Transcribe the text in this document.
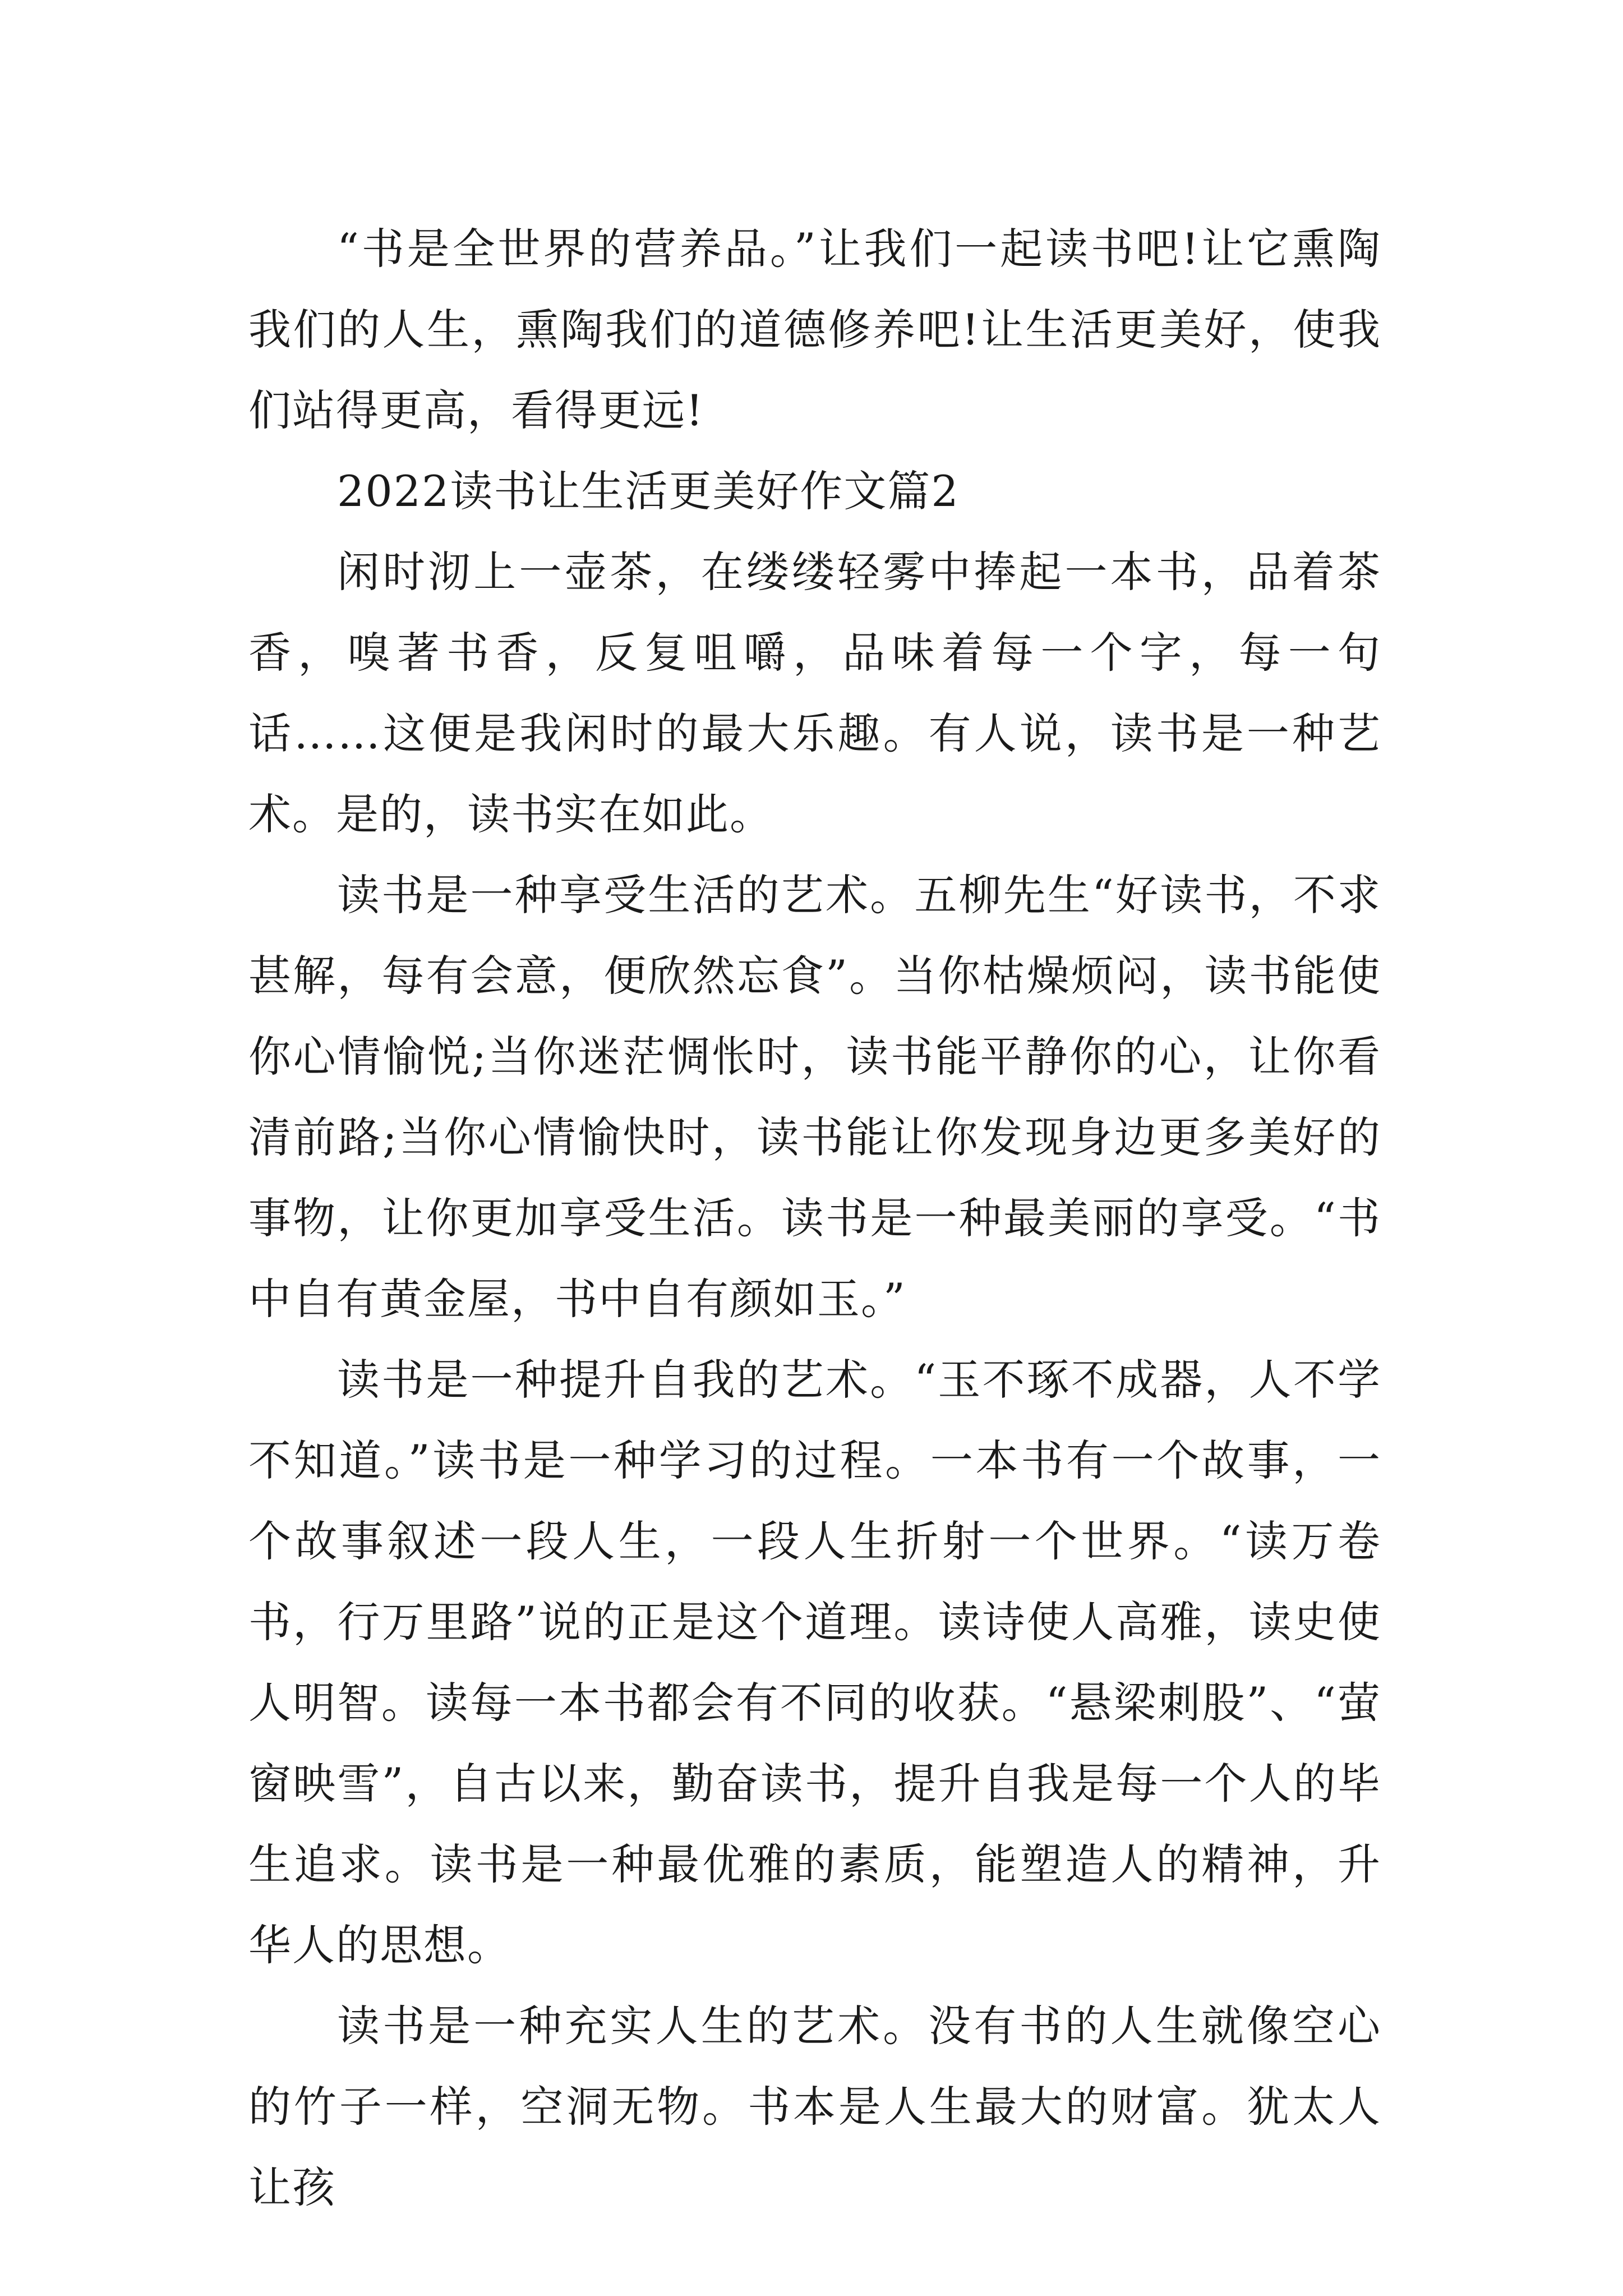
“书是全世界的营养品。”让我们一起读书吧!让它熏陶我们的人生，熏陶我们的道德修养吧!让生活更美好，使我们站得更高，看得更远!

2022读书让生活更美好作文篇2

闲时沏上一壶茶，在缕缕轻雾中捧起一本书，品着茶香，嗅著书香，反复咀嚼，品味着每一个字，每一句话……这便是我闲时的最大乐趣。有人说，读书是一种艺术。是的，读书实在如此。

读书是一种享受生活的艺术。五柳先生“好读书，不求甚解，每有会意，便欣然忘食”。当你枯燥烦闷，读书能使你心情愉悦;当你迷茫惆怅时，读书能平静你的心，让你看清前路;当你心情愉快时，读书能让你发现身边更多美好的事物，让你更加享受生活。读书是一种最美丽的享受。“书中自有黄金屋，书中自有颜如玉。”

读书是一种提升自我的艺术。“玉不琢不成器，人不学不知道。”读书是一种学习的过程。一本书有一个故事，一个故事叙述一段人生，一段人生折射一个世界。“读万卷书，行万里路”说的正是这个道理。读诗使人高雅，读史使人明智。读每一本书都会有不同的收获。“悬梁刺股”、“萤窗映雪”，自古以来，勤奋读书，提升自我是每一个人的毕生追求。读书是一种最优雅的素质，能塑造人的精神，升华人的思想。

读书是一种充实人生的艺术。没有书的人生就像空心的竹子一样，空洞无物。书本是人生最大的财富。犹太人让孩
